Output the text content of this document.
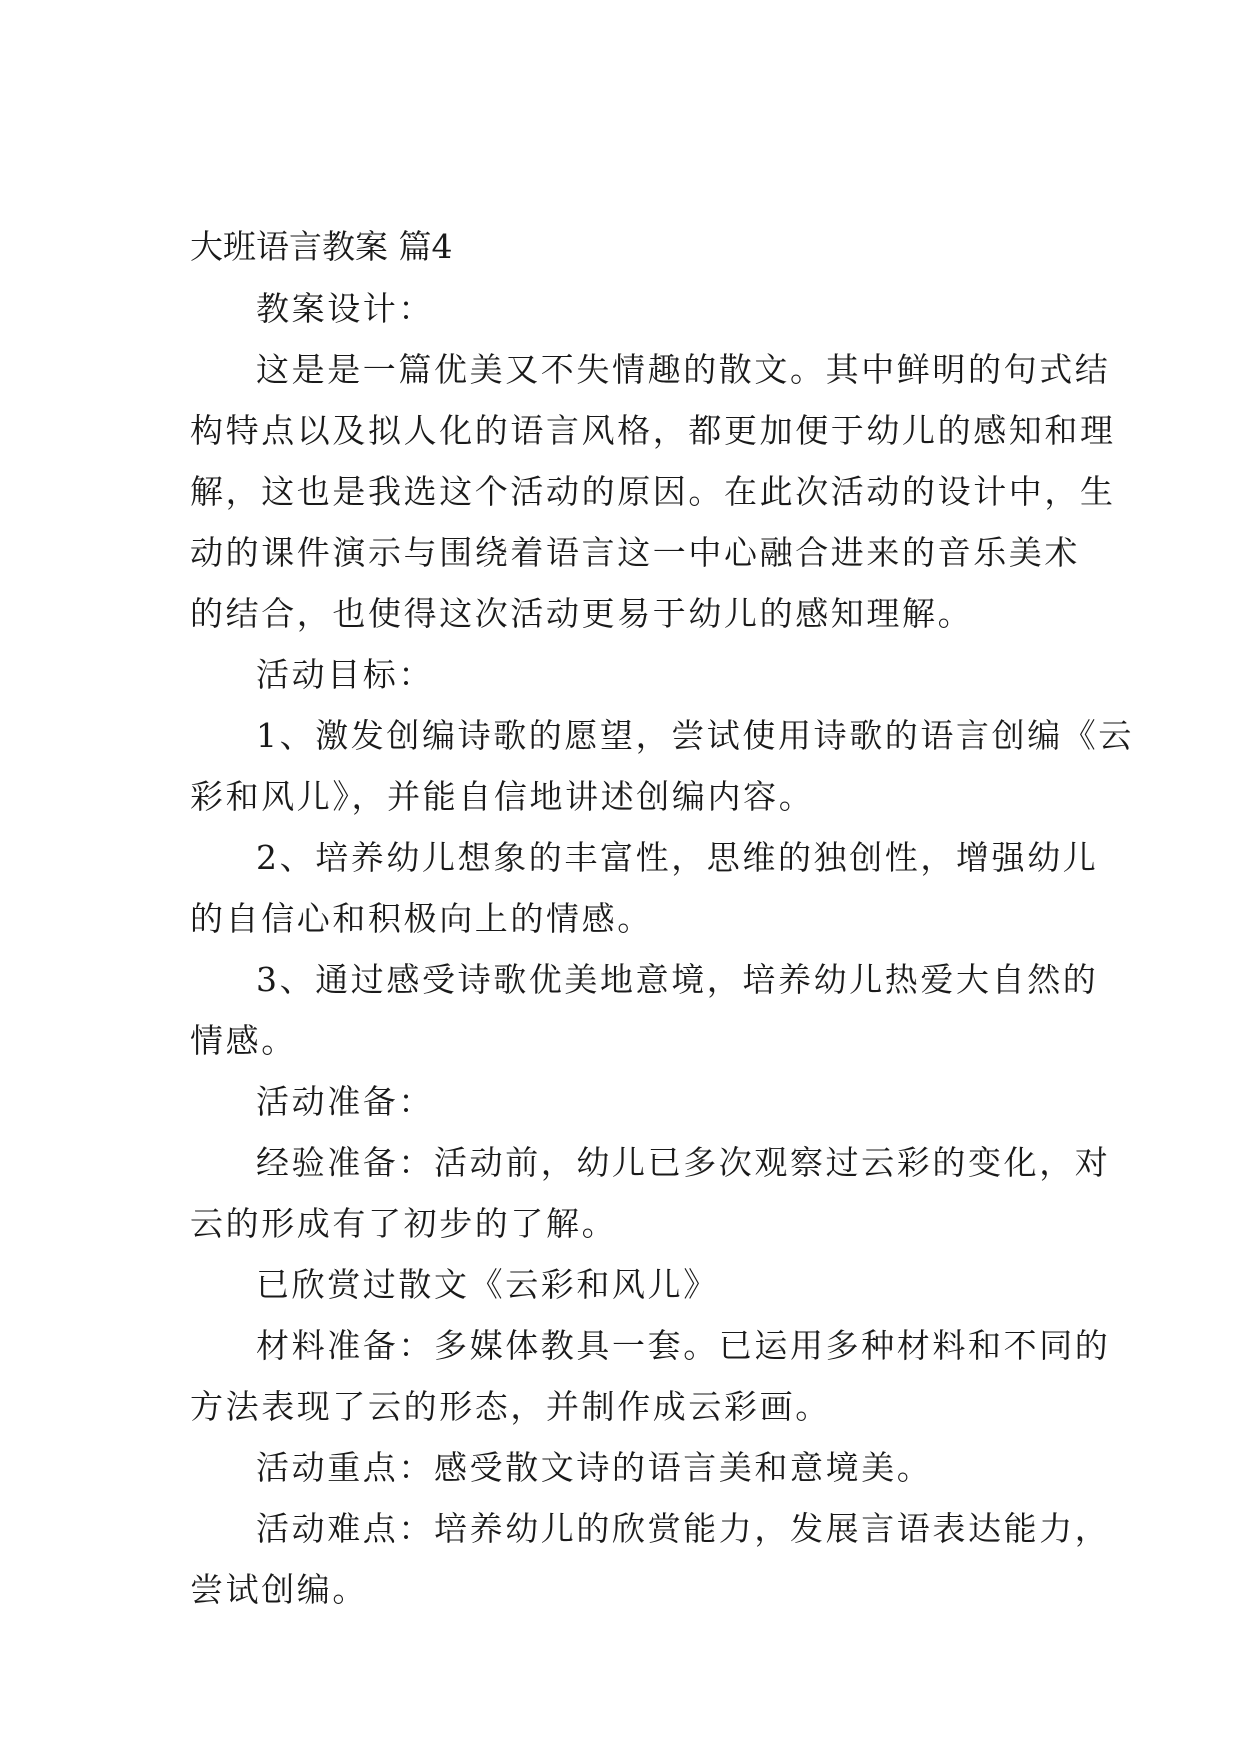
大班语言教案 篇4
教案设计：
这是是一篇优美又不失情趣的散文。其中鲜明的句式结
构特点以及拟人化的语言风格，都更加便于幼儿的感知和理
解，这也是我选这个活动的原因。在此次活动的设计中，生
动的课件演示与围绕着语言这一中心融合进来的音乐美术
的结合，也使得这次活动更易于幼儿的感知理解。
活动目标：
1、激发创编诗歌的愿望，尝试使用诗歌的语言创编《云
彩和风儿》，并能自信地讲述创编内容。
2、培养幼儿想象的丰富性，思维的独创性，增强幼儿
的自信心和积极向上的情感。
3、通过感受诗歌优美地意境，培养幼儿热爱大自然的
情感。
活动准备：
经验准备：活动前，幼儿已多次观察过云彩的变化，对
云的形成有了初步的了解。
已欣赏过散文《云彩和风儿》
材料准备：多媒体教具一套。已运用多种材料和不同的
方法表现了云的形态，并制作成云彩画。
活动重点：感受散文诗的语言美和意境美。
活动难点：培养幼儿的欣赏能力，发展言语表达能力，
尝试创编。
